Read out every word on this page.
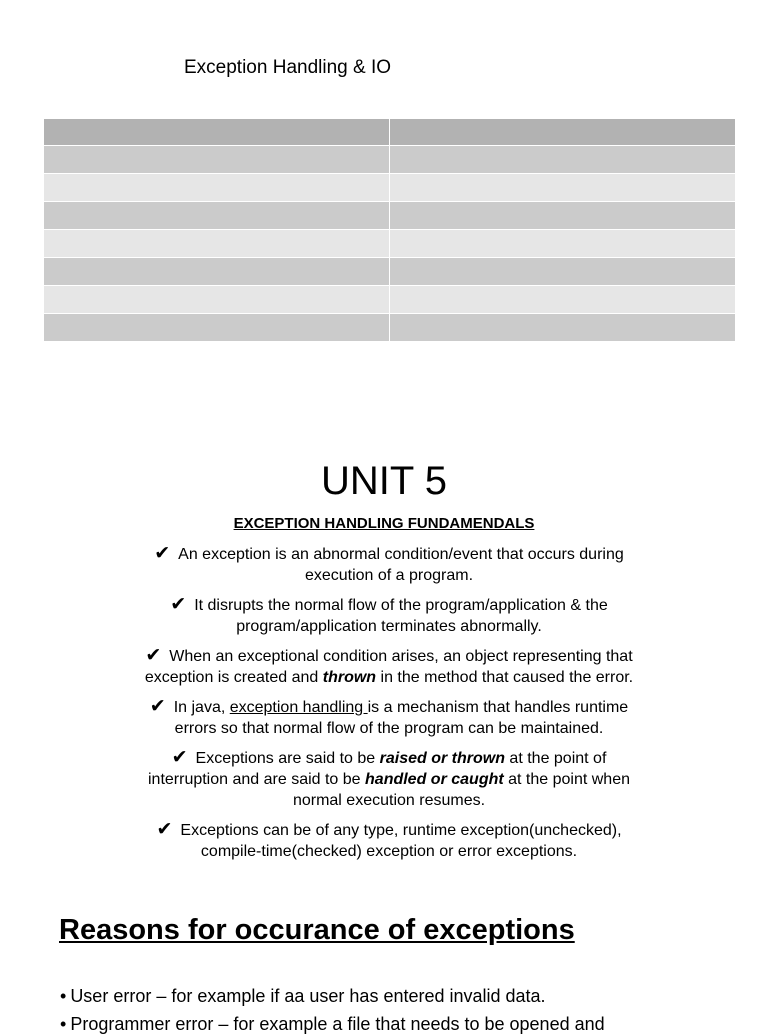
Exception Handling & IO

UNIT 5
EXCEPTION HANDLING FUNDAMENDALS
✔ An exception is an abnormal condition/event that occurs during
execution of a program.
✔ It disrupts the normal flow of the program/application & the
program/application terminates abnormally.
✔ When an exceptional condition arises, an object representing that
exception is created and thrown in the method that caused the error.
✔ In java, exception handling is a mechanism that handles runtime
errors so that normal flow of the program can be maintained.
✔ Exceptions are said to be raised or thrown at the point of
interruption and are said to be handled or caught at the point when
normal execution resumes.
✔ Exceptions can be of any type, runtime exception(unchecked),
compile-time(checked) exception or error exceptions.
Reasons for occurance of exceptions
• User error – for example if aa user has entered invalid data.
• Programmer error – for example a file that needs to be opened and
